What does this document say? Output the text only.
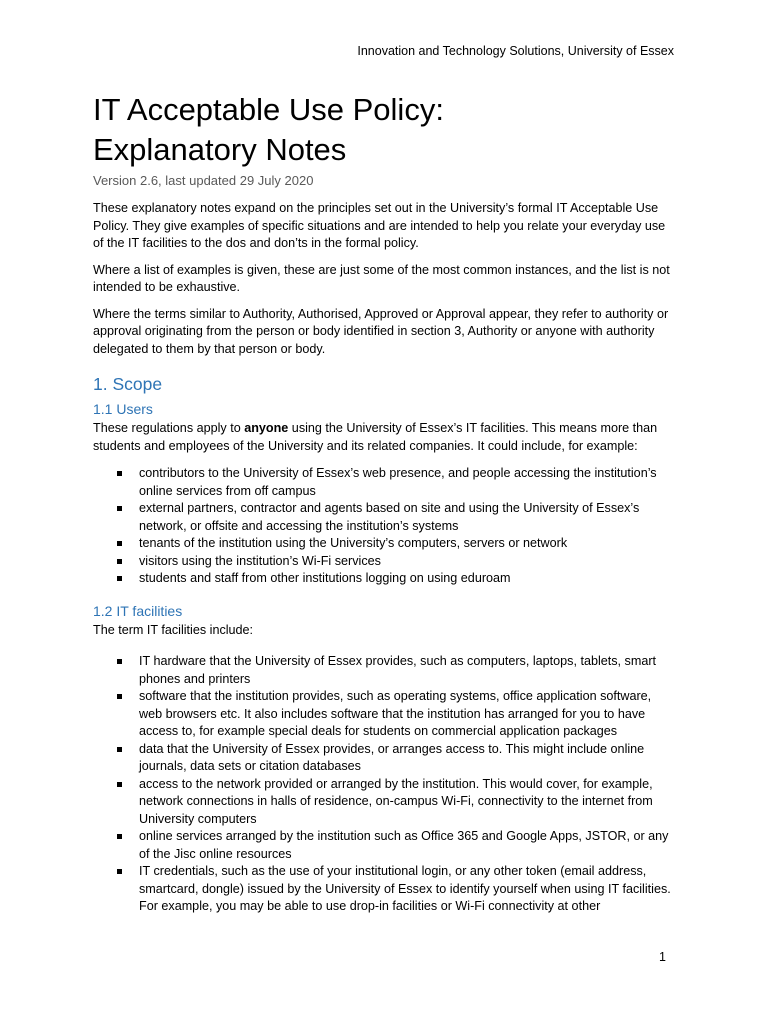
Innovation and Technology Solutions, University of Essex
IT Acceptable Use Policy:
Explanatory Notes
Version 2.6, last updated 29 July 2020

These explanatory notes expand on the principles set out in the University’s formal IT Acceptable Use Policy. They give examples of specific situations and are intended to help you relate your everyday use of the IT facilities to the dos and don’ts in the formal policy.

Where a list of examples is given, these are just some of the most common instances, and the list is not intended to be exhaustive.

Where the terms similar to Authority, Authorised, Approved or Approval appear, they refer to authority or approval originating from the person or body identified in section 3, Authority or anyone with authority delegated to them by that person or body.

1. Scope
1.1 Users

These regulations apply to anyone using the University of Essex’s IT facilities. This means more than students and employees of the University and its related companies. It could include, for example:

contributors to the University of Essex’s web presence, and people accessing the institution’s online services from off campus
external partners, contractor and agents based on site and using the University of Essex’s network, or offsite and accessing the institution’s systems
tenants of the institution using the University’s computers, servers or network
visitors using the institution’s Wi-Fi services
students and staff from other institutions logging on using eduroam
1.2 IT facilities

The term IT facilities include:

IT hardware that the University of Essex provides, such as computers, laptops, tablets, smart phones and printers
software that the institution provides, such as operating systems, office application software, web browsers etc. It also includes software that the institution has arranged for you to have access to, for example special deals for students on commercial application packages
data that the University of Essex provides, or arranges access to. This might include online journals, data sets or citation databases
access to the network provided or arranged by the institution. This would cover, for example, network connections in halls of residence, on-campus Wi-Fi, connectivity to the internet from University computers
online services arranged by the institution such as Office 365 and Google Apps, JSTOR, or any of the Jisc online resources
IT credentials, such as the use of your institutional login, or any other token (email address, smartcard, dongle) issued by the University of Essex to identify yourself when using IT facilities. For example, you may be able to use drop-in facilities or Wi-Fi connectivity at other
1
